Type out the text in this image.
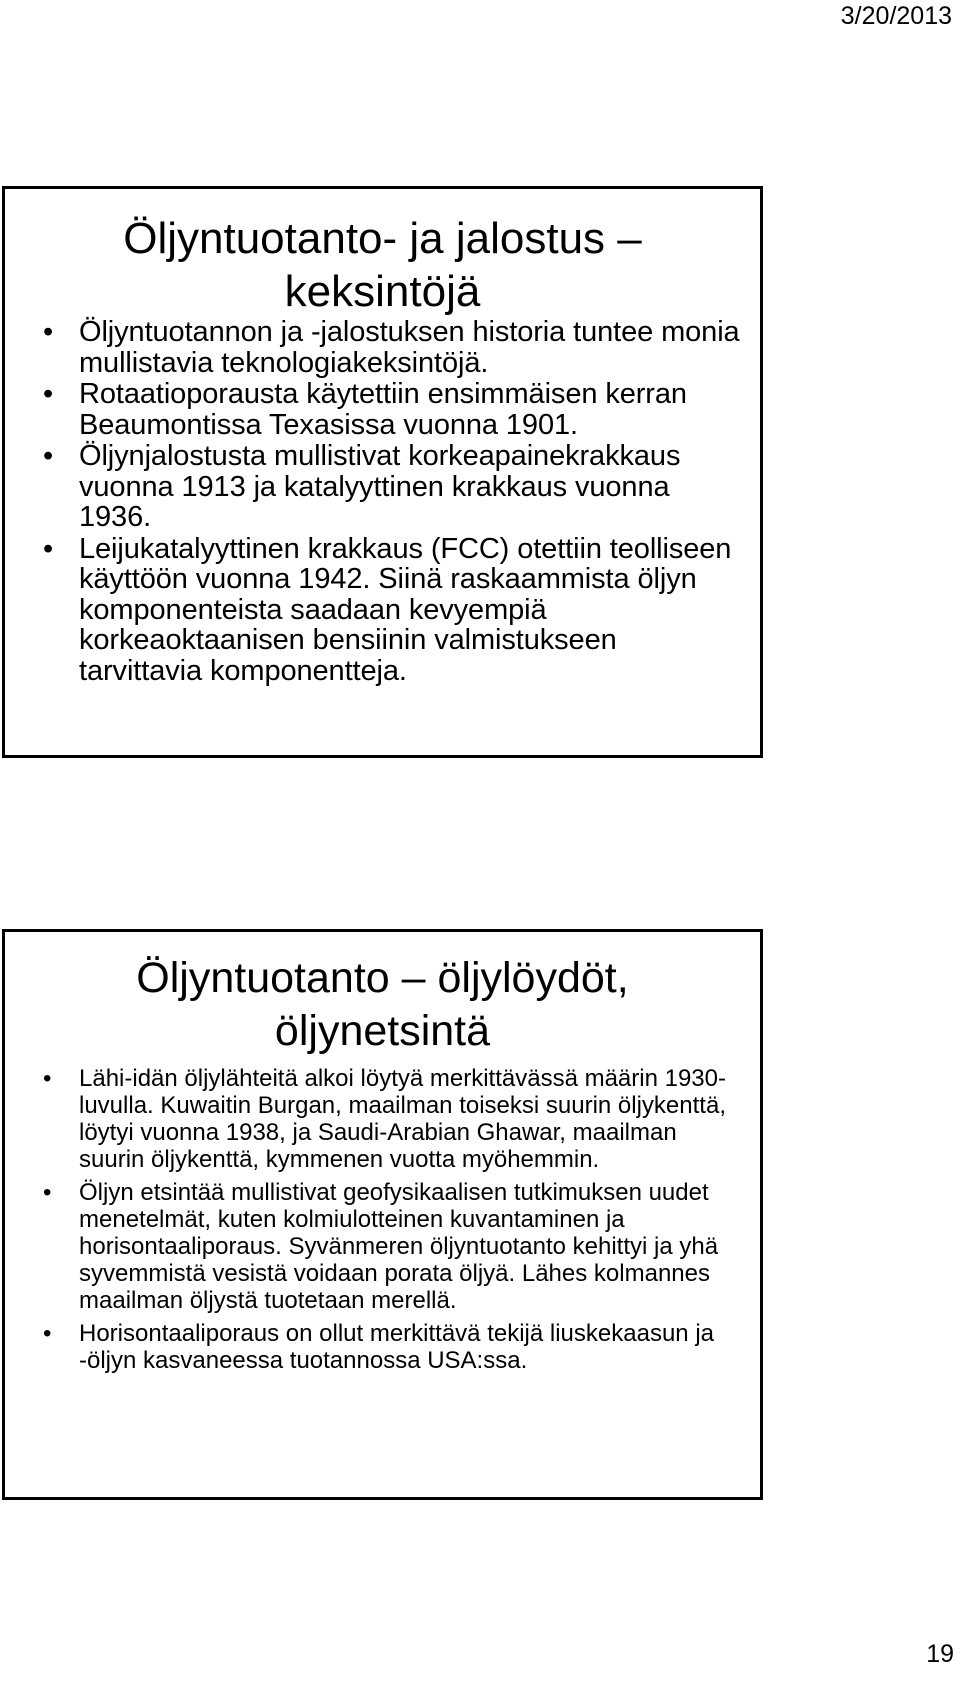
3/20/2013
Öljyntuotanto- ja jalostus – keksintöjä
• Öljyntuotannon ja -jalostuksen historia tuntee monia mullistavia teknologiakeksintöjä.
• Rotaatioporausta käytettiin ensimmäisen kerran Beaumontissa Texasissa vuonna 1901.
• Öljynjalostusta mullistivat korkeapainekrakkaus vuonna 1913 ja katalyyttinen krakkaus vuonna 1936.
• Leijukatalyyttinen krakkaus (FCC) otettiin teolliseen käyttöön vuonna 1942. Siinä raskaammista öljyn komponenteista saadaan kevyempiä korkeaoktaanisen bensiinin valmistukseen tarvittavia komponentteja.
Öljyntuotanto – öljylöydöt, öljynetsintä
• Lähi-idän öljylähteitä alkoi löytyä merkittävässä määrin 1930-luvulla. Kuwaitin Burgan, maailman toiseksi suurin öljykenttä, löytyi vuonna 1938, ja Saudi-Arabian Ghawar, maailman suurin öljykenttä, kymmenen vuotta myöhemmin.
• Öljyn etsintää mullistivat geofysikaalisen tutkimuksen uudet menetelmät, kuten kolmiulotteinen kuvantaminen ja horisontaaliporaus. Syvänmeren öljyntuotanto kehittyi ja yhä syvemmistä vesistä voidaan porata öljyä. Lähes kolmannes maailman öljystä tuotetaan merellä.
• Horisontaaliporaus on ollut merkittävä tekijä liuskekaasun ja -öljyn kasvaneessa tuotannossa USA:ssa.
19
